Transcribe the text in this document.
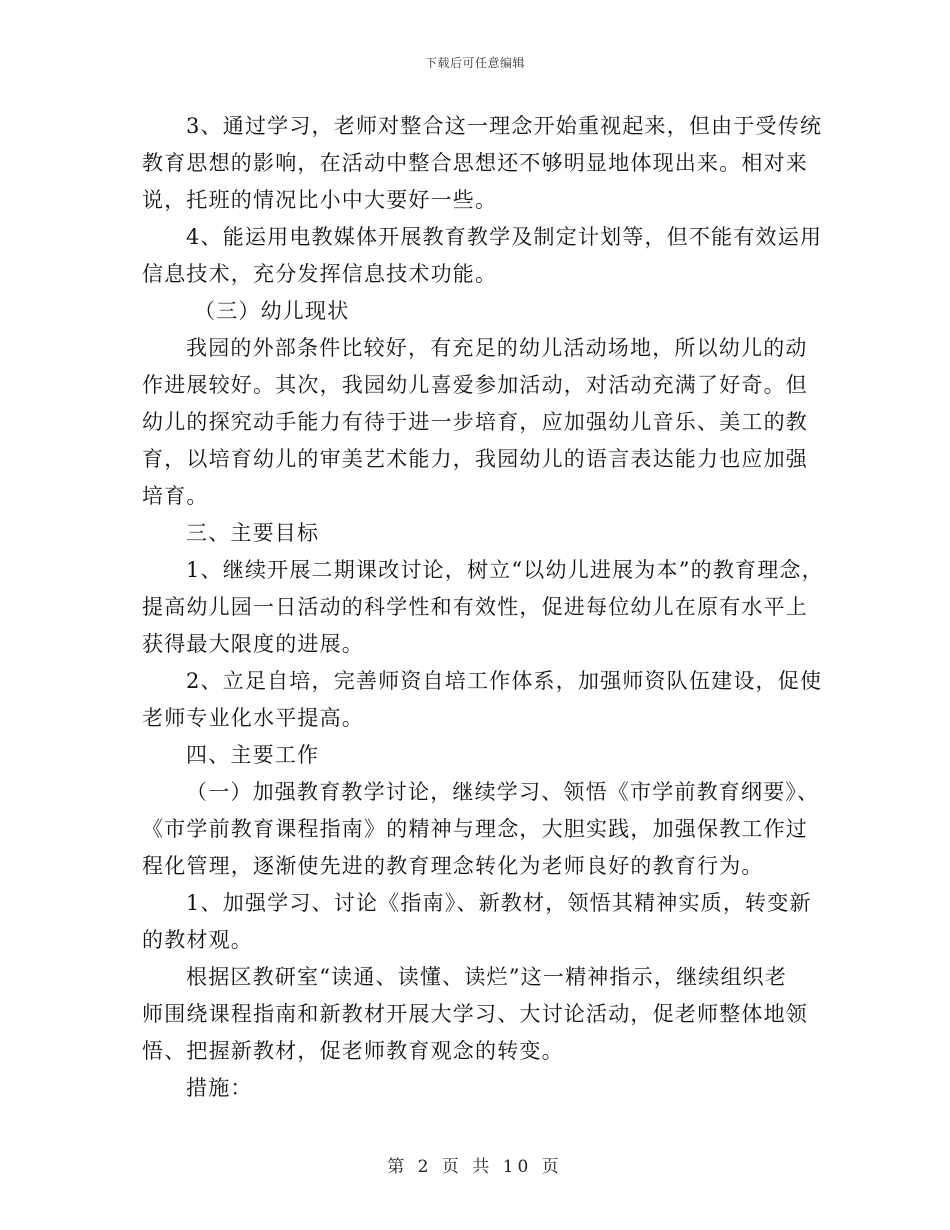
下载后可任意编辑
3、通过学习，老师对整合这一理念开始重视起来，但由于受传统
教育思想的影响，在活动中整合思想还不够明显地体现出来。相对来
说，托班的情况比小中大要好一些。
4、能运用电教媒体开展教育教学及制定计划等，但不能有效运用
信息技术，充分发挥信息技术功能。
（三）幼儿现状
我园的外部条件比较好，有充足的幼儿活动场地，所以幼儿的动
作进展较好。其次，我园幼儿喜爱参加活动，对活动充满了好奇。但
幼儿的探究动手能力有待于进一步培育，应加强幼儿音乐、美工的教
育，以培育幼儿的审美艺术能力，我园幼儿的语言表达能力也应加强
培育。
三、主要目标
1、继续开展二期课改讨论，树立“以幼儿进展为本”的教育理念，
提高幼儿园一日活动的科学性和有效性，促进每位幼儿在原有水平上
获得最大限度的进展。
2、立足自培，完善师资自培工作体系，加强师资队伍建设，促使
老师专业化水平提高。
四、主要工作
（一）加强教育教学讨论，继续学习、领悟《市学前教育纲要》、
《市学前教育课程指南》的精神与理念，大胆实践，加强保教工作过
程化管理，逐渐使先进的教育理念转化为老师良好的教育行为。
1、加强学习、讨论《指南》、新教材，领悟其精神实质，转变新
的教材观。
根据区教研室“读通、读懂、读烂”这一精神指示，继续组织老
师围绕课程指南和新教材开展大学习、大讨论活动，促老师整体地领
悟、把握新教材，促老师教育观念的转变。
措施：
第 2 页 共 10 页
